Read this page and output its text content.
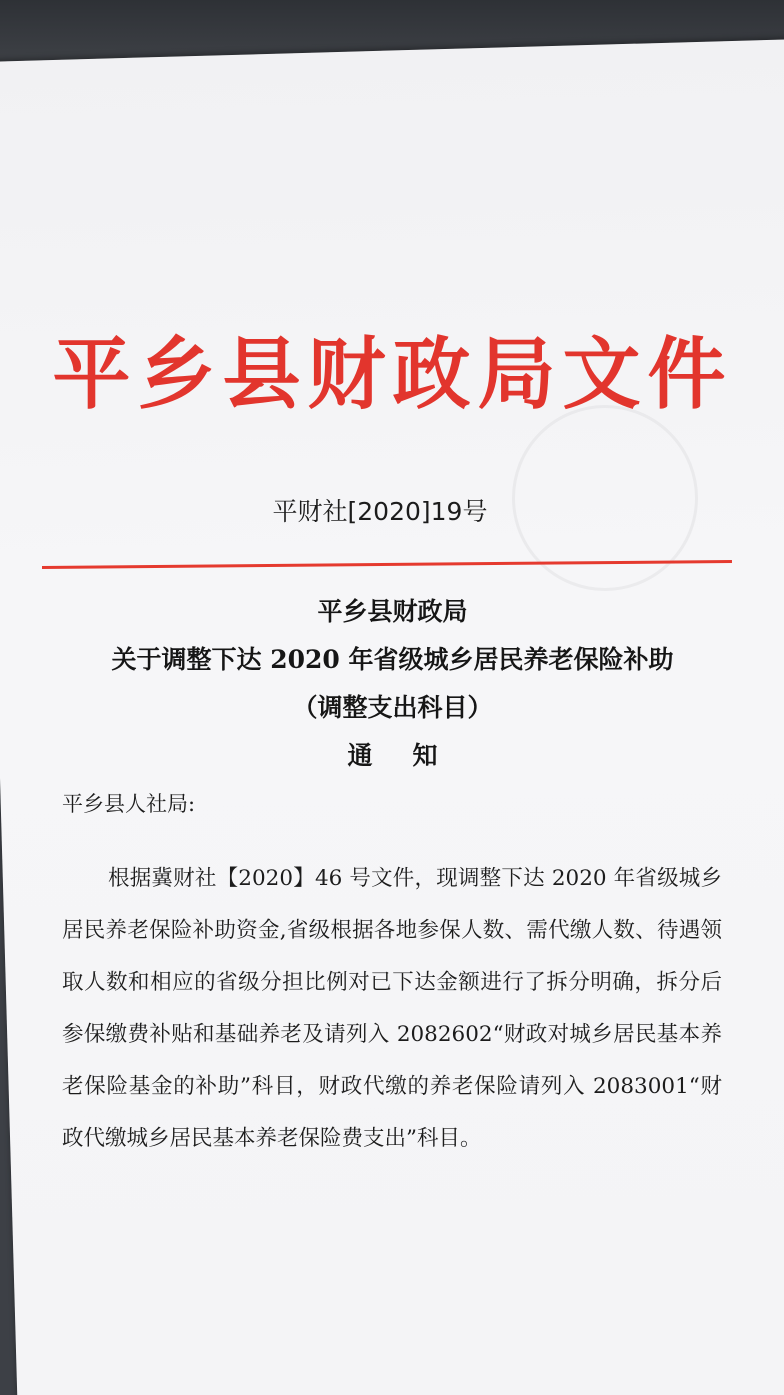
平乡县财政局文件
平财社[2020]19号
平乡县财政局
关于调整下达 2020 年省级城乡居民养老保险补助
（调整支出科目）
通知
平乡县人社局:
根据冀财社【2020】46 号文件，现调整下达 2020 年省级城乡居民养老保险补助资金,省级根据各地参保人数、需代缴人数、待遇领取人数和相应的省级分担比例对已下达金额进行了拆分明确，拆分后参保缴费补贴和基础养老及请列入 2082602“财政对城乡居民基本养老保险基金的补助”科目，财政代缴的养老保险请列入 2083001“财政代缴城乡居民基本养老保险费支出”科目。
